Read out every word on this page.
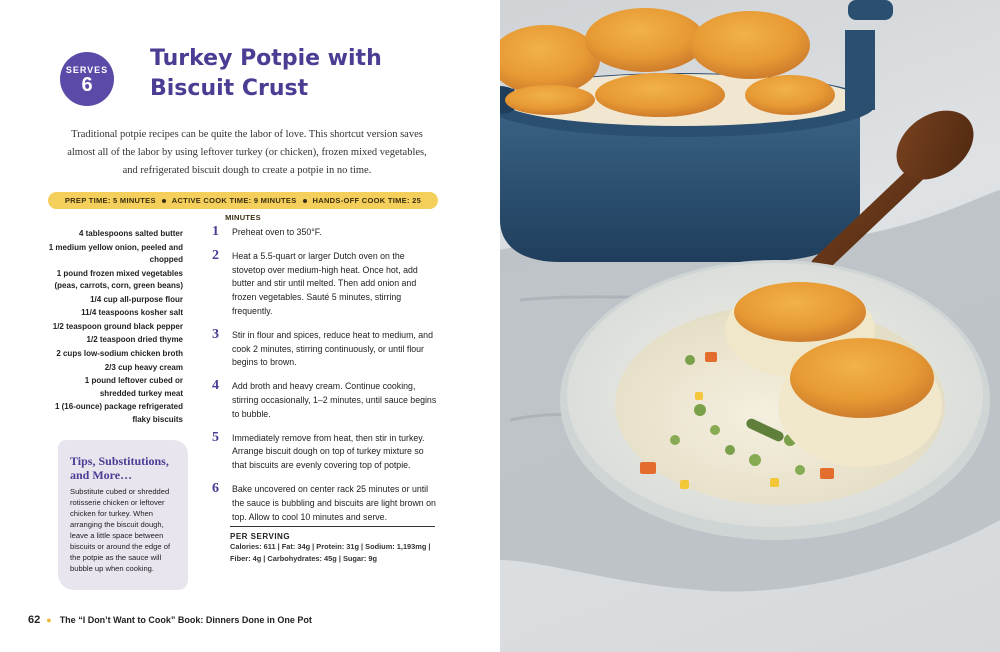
SERVES
6
Turkey Potpie with
Biscuit Crust
Traditional potpie recipes can be quite the labor of love. This shortcut version saves almost all of the labor by using leftover turkey (or chicken), frozen mixed vegetables, and refrigerated biscuit dough to create a potpie in no time.
PREP TIME: 5 MINUTES ACTIVE COOK TIME: 9 MINUTES HANDS-OFF COOK TIME: 25 MINUTES
4 tablespoons salted butter
1 medium yellow onion, peeled and chopped
1 pound frozen mixed vegetables (peas, carrots, corn, green beans)
1/4 cup all-purpose flour
11/4 teaspoons kosher salt
1/2 teaspoon ground black pepper
1/2 teaspoon dried thyme
2 cups low-sodium chicken broth
2/3 cup heavy cream
1 pound leftover cubed or shredded turkey meat
1 (16-ounce) package refrigerated flaky biscuits
Tips, Substitutions, and More…

Substitute cubed or shredded rotisserie chicken or leftover chicken for turkey. When arranging the biscuit dough, leave a little space between biscuits or around the edge of the potpie as the sauce will bubble up when cooking.

1 Preheat oven to 350°F.
2 Heat a 5.5-quart or larger Dutch oven on the stovetop over medium-high heat. Once hot, add butter and stir until melted. Then add onion and frozen vegetables. Sauté 5 minutes, stirring frequently.
3 Stir in flour and spices, reduce heat to medium, and cook 2 minutes, stirring continuously, or until flour begins to brown.
4 Add broth and heavy cream. Continue cooking, stirring occasionally, 1–2 minutes, until sauce begins to bubble.
5 Immediately remove from heat, then stir in turkey. Arrange biscuit dough on top of turkey mixture so that biscuits are evenly covering top of potpie.
6 Bake uncovered on center rack 25 minutes or until the sauce is bubbling and biscuits are light brown on top. Allow to cool 10 minutes and serve.
PER SERVING
Calories: 611 | Fat: 34g | Protein: 31g | Sodium: 1,193mg |
Fiber: 4g | Carbohydrates: 45g | Sugar: 9g
62 ● The “I Don’t Want to Cook” Book: Dinners Done in One Pot
